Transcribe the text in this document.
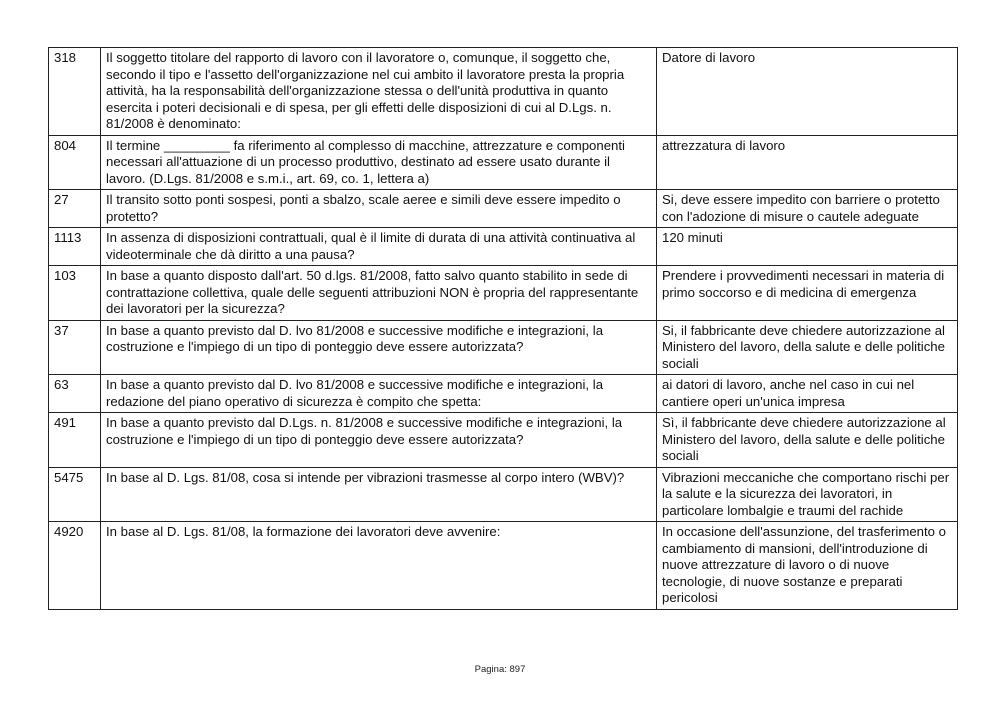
318	Il soggetto titolare del rapporto di lavoro con il lavoratore o, comunque, il soggetto che, secondo il tipo e l'assetto dell'organizzazione nel cui ambito il lavoratore presta la propria attività, ha la responsabilità dell'organizzazione stessa o dell'unità produttiva in quanto esercita i poteri decisionali e di spesa, per gli effetti delle disposizioni di cui al D.Lgs. n. 81/2008 è denominato:	Datore di lavoro
804	Il termine _________ fa riferimento al complesso di macchine, attrezzature e componenti necessari all'attuazione di un processo produttivo, destinato ad essere usato durante il lavoro. (D.Lgs. 81/2008 e s.m.i., art. 69, co. 1, lettera a)	attrezzatura di lavoro
27	Il transito sotto ponti sospesi, ponti a sbalzo, scale aeree e simili deve essere impedito o protetto?	Si, deve essere impedito con barriere o protetto con l'adozione di misure o cautele adeguate
1113	In assenza di disposizioni contrattuali, qual è il limite di durata di una attività continuativa al videoterminale che dà diritto a una pausa?	120 minuti
103	In base a quanto disposto dall'art. 50 d.lgs. 81/2008, fatto salvo quanto stabilito in sede di contrattazione collettiva, quale delle seguenti attribuzioni NON è propria del rappresentante dei lavoratori per la sicurezza?	Prendere i provvedimenti necessari in materia di primo soccorso e di medicina di emergenza
37	In base a quanto previsto dal D. lvo 81/2008 e successive modifiche e integrazioni, la costruzione e l'impiego di un tipo di ponteggio deve essere autorizzata?	Si, il fabbricante deve chiedere autorizzazione al Ministero del lavoro, della salute e delle politiche sociali
63	In base a quanto previsto dal D. lvo 81/2008 e successive modifiche e integrazioni, la redazione del piano operativo di sicurezza è compito che spetta:	ai datori di lavoro, anche nel caso in cui nel cantiere operi un'unica impresa
491	In base a quanto previsto dal D.Lgs. n. 81/2008 e successive modifiche e integrazioni, la costruzione e l'impiego di un tipo di ponteggio deve essere autorizzata?	Sì, il fabbricante deve chiedere autorizzazione al Ministero del lavoro, della salute e delle politiche sociali
5475	In base al D. Lgs. 81/08, cosa si intende per vibrazioni trasmesse al corpo intero (WBV)?	Vibrazioni meccaniche che comportano rischi per la salute e la sicurezza dei lavoratori, in particolare lombalgie e traumi del rachide
4920	In base al D. Lgs. 81/08, la formazione dei lavoratori deve avvenire:	In occasione dell'assunzione, del trasferimento o cambiamento di mansioni, dell'introduzione di nuove attrezzature di lavoro o di nuove tecnologie, di nuove sostanze e preparati pericolosi
Pagina: 897
